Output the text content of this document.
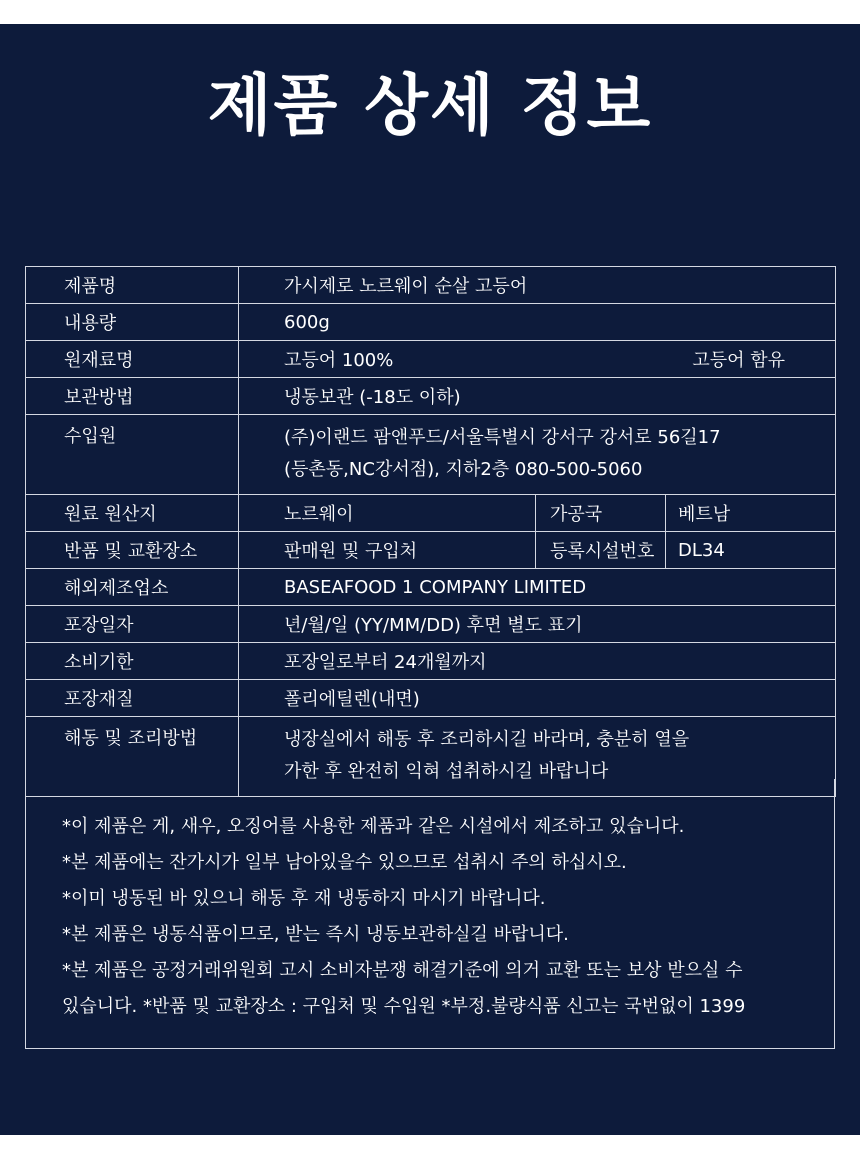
제품 상세 정보
제품명	가시제로 노르웨이 순살 고등어		
내용량	600g		
원재료명	고등어 100% 고등어 함유		

보관방법	냉동보관 (-18도 이하)		
수입원	(주)이랜드 팜앤푸드/서울특별시 강서구 강서로 56길17
(등촌동,NC강서점), 지하2층 080-500-5060		

원료 원산지	노르웨이	가공국	베트남
반품 및 교환장소	판매원 및 구입처	등록시설번호	DL34
해외제조업소	BASEAFOOD 1 COMPANY LIMITED		
포장일자	년/월/일 (YY/MM/DD) 후면 별도 표기		
소비기한	포장일로부터 24개월까지		
포장재질	폴리에틸렌(내면)		
해동 및 조리방법	냉장실에서 해동 후 조리하시길 바라며, 충분히 열을
가한 후 완전히 익혀 섭취하시길 바랍니다		

*이 제품은 게, 새우, 오징어를 사용한 제품과 같은 시설에서 제조하고 있습니다.

*본 제품에는 잔가시가 일부 남아있을수 있으므로 섭취시 주의 하십시오.

*이미 냉동된 바 있으니 해동 후 재 냉동하지 마시기 바랍니다.

*본 제품은 냉동식품이므로, 받는 즉시 냉동보관하실길 바랍니다.

*본 제품은 공정거래위원회 고시 소비자분쟁 해결기준에 의거 교환 또는 보상 받으실 수

있습니다. *반품 및 교환장소 : 구입처 및 수입원 *부정.불량식품 신고는 국번없이 1399
